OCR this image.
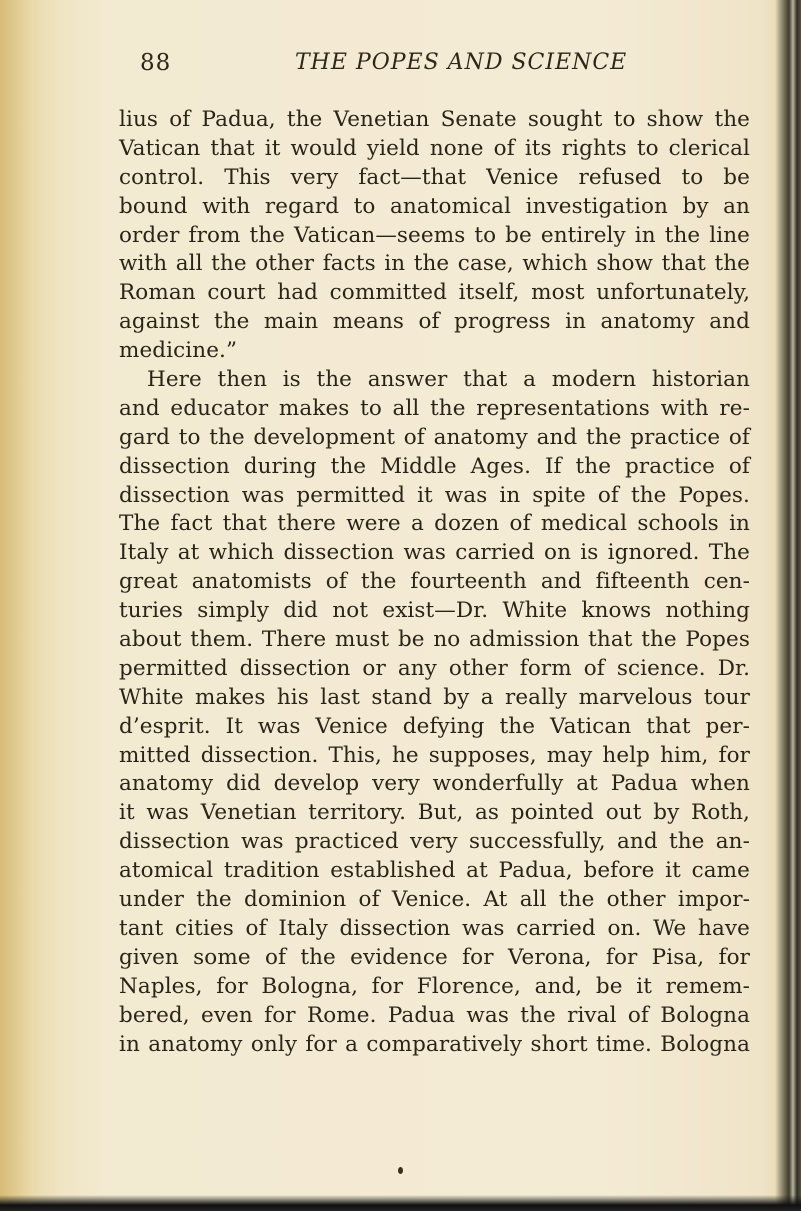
88	THE POPES AND SCIENCE
lius of Padua, the Venetian Senate sought to show the
Vatican that it would yield none of its rights to clerical
control. This very fact—that Venice refused to be
bound with regard to anatomical investigation by an
order from the Vatican—seems to be entirely in the line
with all the other facts in the case, which show that the
Roman court had committed itself, most unfortunately,
against the main means of progress in anatomy and
medicine.”
Here then is the answer that a modern historian
and educator makes to all the representations with re-
gard to the development of anatomy and the practice of
dissection during the Middle Ages. If the practice of
dissection was permitted it was in spite of the Popes.
The fact that there were a dozen of medical schools in
Italy at which dissection was carried on is ignored. The
great anatomists of the fourteenth and fifteenth cen-
turies simply did not exist—Dr. White knows nothing
about them. There must be no admission that the Popes
permitted dissection or any other form of science. Dr.
White makes his last stand by a really marvelous tour
d’esprit. It was Venice defying the Vatican that per-
mitted dissection. This, he supposes, may help him, for
anatomy did develop very wonderfully at Padua when
it was Venetian territory. But, as pointed out by Roth,
dissection was practiced very successfully, and the an-
atomical tradition established at Padua, before it came
under the dominion of Venice. At all the other impor-
tant cities of Italy dissection was carried on. We have
given some of the evidence for Verona, for Pisa, for
Naples, for Bologna, for Florence, and, be it remem-
bered, even for Rome. Padua was the rival of Bologna
in anatomy only for a comparatively short time. Bologna
